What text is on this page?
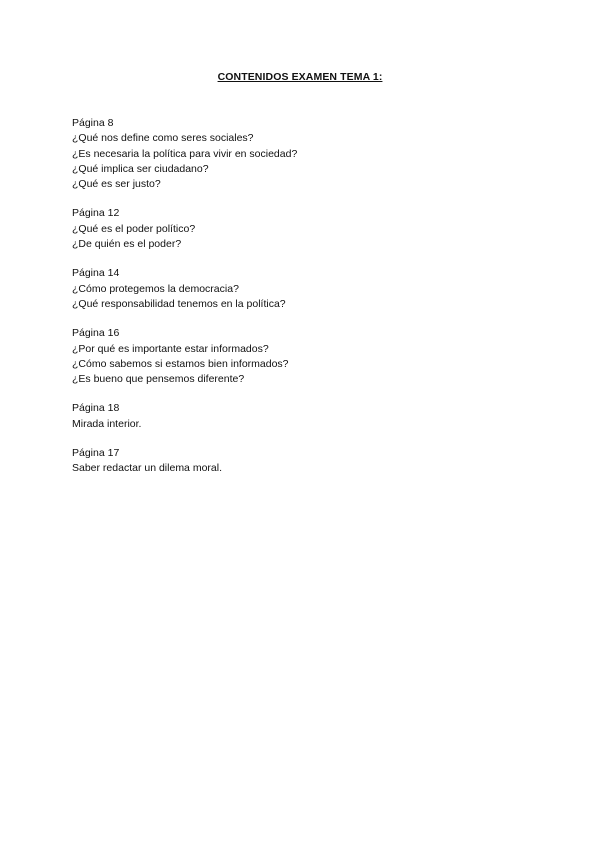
CONTENIDOS EXAMEN TEMA 1:
Página 8
¿Qué nos define como seres sociales?
¿Es necesaria la política para vivir en sociedad?
¿Qué implica ser ciudadano?
¿Qué es ser justo?
Página 12
¿Qué es el poder político?
¿De quién es el poder?
Página 14
¿Cómo protegemos la democracia?
¿Qué responsabilidad tenemos en la política?
Página 16
¿Por qué es importante estar informados?
¿Cómo sabemos si estamos bien informados?
¿Es bueno que pensemos diferente?
Página 18
Mirada interior.
Página 17
Saber redactar un dilema moral.
